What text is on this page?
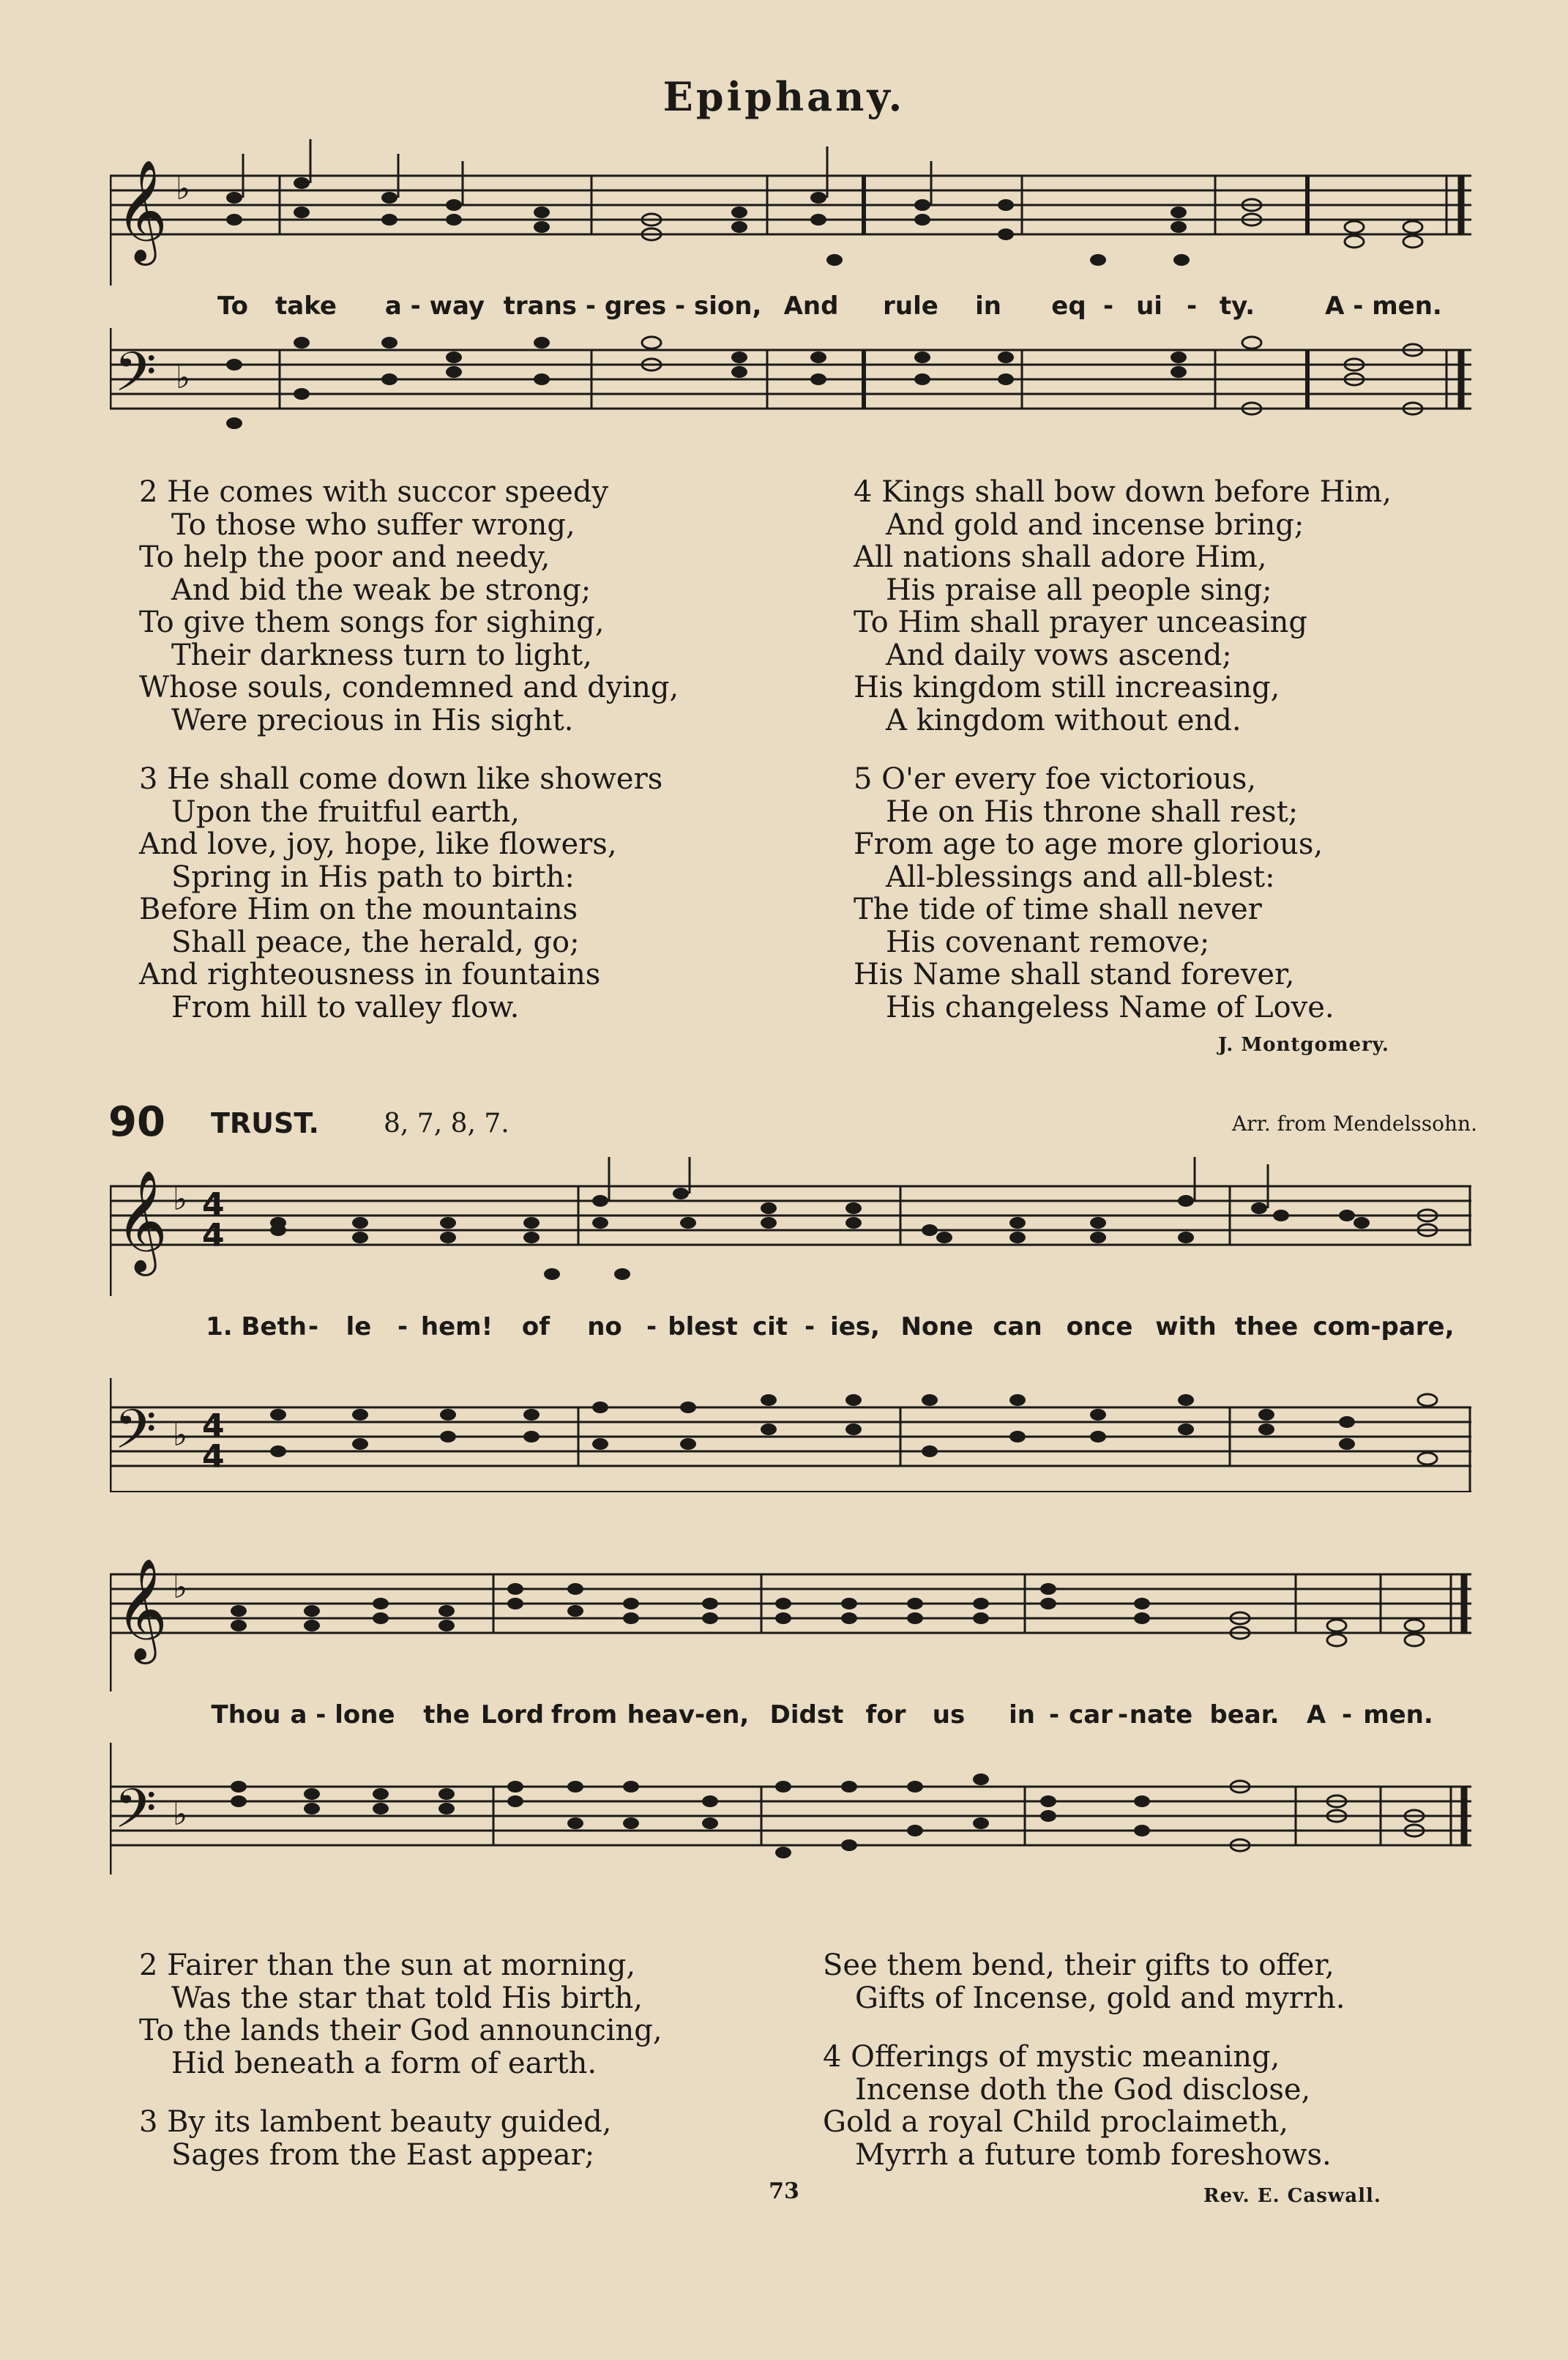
Epiphany.
𝄞 ♭
To take a - way trans - gres - sion, And rule in eq - ui - ty.	A - men.
𝄢 ♭
2 He comes with succor speedy
To those who suffer wrong,
To help the poor and needy,
And bid the weak be strong;
To give them songs for sighing,
Their darkness turn to light,
Whose souls, condemned and dying,
Were precious in His sight.
3 He shall come down like showers
Upon the fruitful earth,
And love, joy, hope, like flowers,
Spring in His path to birth:
Before Him on the mountains
Shall peace, the herald, go;
And righteousness in fountains
From hill to valley flow.
4 Kings shall bow down before Him,
And gold and incense bring;
All nations shall adore Him,
His praise all people sing;
To Him shall prayer unceasing
And daily vows ascend;
His kingdom still increasing,
A kingdom without end.
5 O'er every foe victorious,
He on His throne shall rest;
From age to age more glorious,
All-blessings and all-blest:
The tide of time shall never
His covenant remove;
His Name shall stand forever,
His changeless Name of Love.
J. Montgomery.
90 TRUST. 8, 7, 8, 7.	Arr. from Mendelssohn.
𝄞 ♭ 4
4
1. Beth - le - hem! of no - blest cit - ies, None can once with thee com-pare,
𝄢 ♭ 4
4
𝄞 ♭
Thou a - lone the Lord from heav-en, Didst for us in - car - nate bear. A - men.
𝄢 ♭
2 Fairer than the sun at morning,
Was the star that told His birth,
To the lands their God announcing,
Hid beneath a form of earth.
3 By its lambent beauty guided,
Sages from the East appear;
See them bend, their gifts to offer,
Gifts of Incense, gold and myrrh.
4 Offerings of mystic meaning,
Incense doth the God disclose,
Gold a royal Child proclaimeth,
Myrrh a future tomb foreshows.
73	Rev. E. Caswall.
